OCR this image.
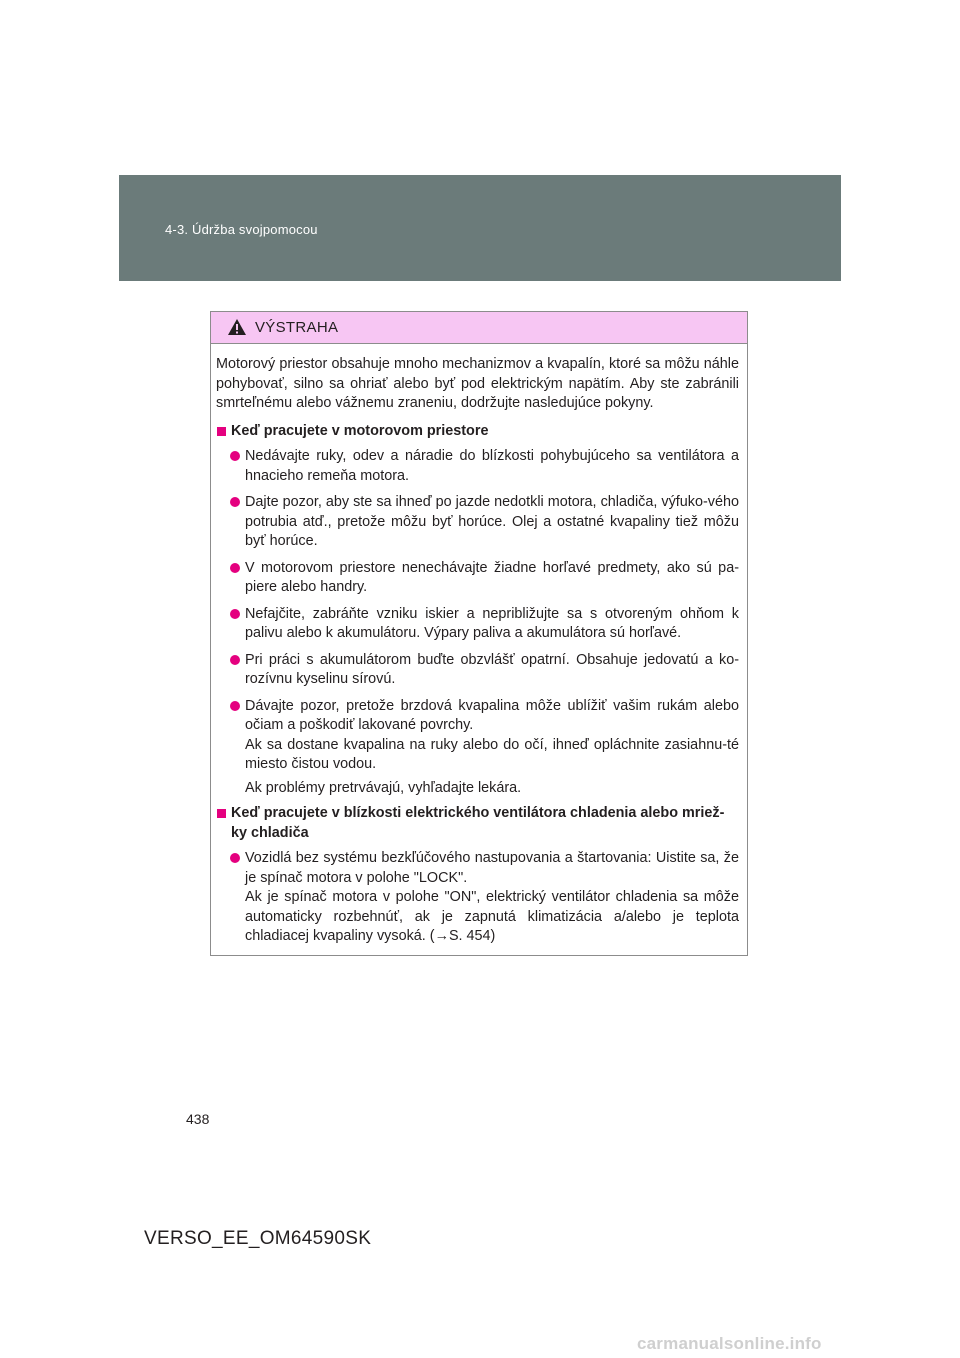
4-3. Údržba svojpomocou
VÝSTRAHA

Motorový priestor obsahuje mnoho mechanizmov a kvapalín, ktoré sa môžu náhle pohybovať, silno sa ohriať alebo byť pod elektrickým napätím. Aby ste zabránili smrteľnému alebo vážnemu zraneniu, dodržujte nasledujúce pokyny.

Keď pracujete v motorovom priestore
Nedávajte ruky, odev a náradie do blízkosti pohybujúceho sa ventilátora a hnacieho remeňa motora.
Dajte pozor, aby ste sa ihneď po jazde nedotkli motora, chladiča, výfuko-vého potrubia atď., pretože môžu byť horúce. Olej a ostatné kvapaliny tiež môžu byť horúce.
V motorovom priestore nenechávajte žiadne horľavé predmety, ako sú pa-piere alebo handry.
Nefajčite, zabráňte vzniku iskier a nepribližujte sa s otvoreným ohňom k palivu alebo k akumulátoru. Výpary paliva a akumulátora sú horľavé.
Pri práci s akumulátorom buďte obzvlášť opatrní. Obsahuje jedovatú a ko-rozívnu kyselinu sírovú.
Dávajte pozor, pretože brzdová kvapalina môže ublížiť vašim rukám alebo očiam a poškodiť lakované povrchy.
Ak sa dostane kvapalina na ruky alebo do očí, ihneď opláchnite zasiahnu-té miesto čistou vodou.
Ak problémy pretrvávajú, vyhľadajte lekára.
Keď pracujete v blízkosti elektrického ventilátora chladenia alebo mriež-ky chladiča
Vozidlá bez systému bezkľúčového nastupovania a štartovania: Uistite sa, že je spínač motora v polohe "LOCK".
Ak je spínač motora v polohe "ON", elektrický ventilátor chladenia sa môže automaticky rozbehnúť, ak je zapnutá klimatizácia a/alebo je teplota chladiacej kvapaliny vysoká. (→S. 454)
438
VERSO_EE_OM64590SK
carmanualsonline.info
